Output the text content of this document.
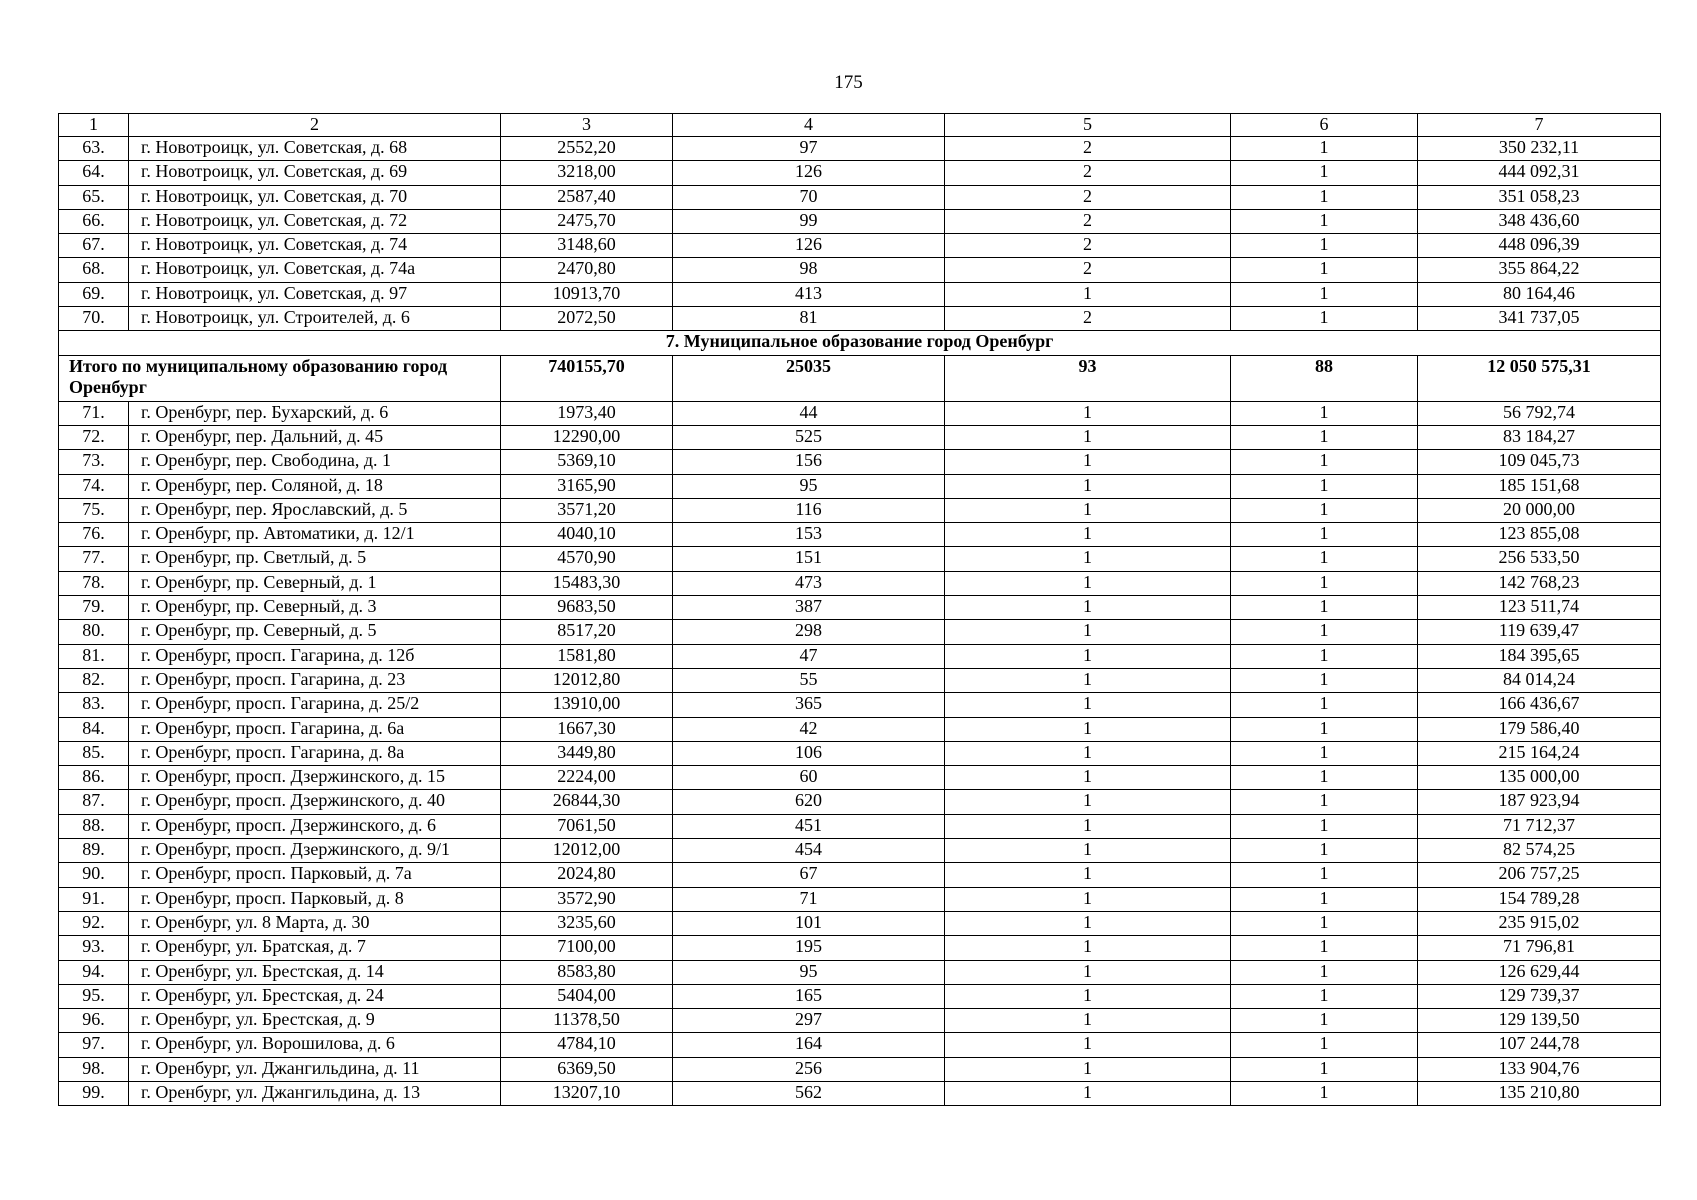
175
1	2	3	4	5	6	7
63.	г. Новотроицк, ул. Советская, д. 68	2552,20	97	2	1	350 232,11
64.	г. Новотроицк, ул. Советская, д. 69	3218,00	126	2	1	444 092,31
65.	г. Новотроицк, ул. Советская, д. 70	2587,40	70	2	1	351 058,23
66.	г. Новотроицк, ул. Советская, д. 72	2475,70	99	2	1	348 436,60
67.	г. Новотроицк, ул. Советская, д. 74	3148,60	126	2	1	448 096,39
68.	г. Новотроицк, ул. Советская, д. 74а	2470,80	98	2	1	355 864,22
69.	г. Новотроицк, ул. Советская, д. 97	10913,70	413	1	1	80 164,46
70.	г. Новотроицк, ул. Строителей, д. 6	2072,50	81	2	1	341 737,05
7. Муниципальное образование город Оренбург						
Итого по муниципальному образованию город Оренбург		740155,70	25035	93	88	12 050 575,31
71.	г. Оренбург, пер. Бухарский, д. 6	1973,40	44	1	1	56 792,74
72.	г. Оренбург, пер. Дальний, д. 45	12290,00	525	1	1	83 184,27
73.	г. Оренбург, пер. Свободина, д. 1	5369,10	156	1	1	109 045,73
74.	г. Оренбург, пер. Соляной, д. 18	3165,90	95	1	1	185 151,68
75.	г. Оренбург, пер. Ярославский, д. 5	3571,20	116	1	1	20 000,00
76.	г. Оренбург, пр. Автоматики, д. 12/1	4040,10	153	1	1	123 855,08
77.	г. Оренбург, пр. Светлый, д. 5	4570,90	151	1	1	256 533,50
78.	г. Оренбург, пр. Северный, д. 1	15483,30	473	1	1	142 768,23
79.	г. Оренбург, пр. Северный, д. 3	9683,50	387	1	1	123 511,74
80.	г. Оренбург, пр. Северный, д. 5	8517,20	298	1	1	119 639,47
81.	г. Оренбург, просп. Гагарина, д. 12б	1581,80	47	1	1	184 395,65
82.	г. Оренбург, просп. Гагарина, д. 23	12012,80	55	1	1	84 014,24
83.	г. Оренбург, просп. Гагарина, д. 25/2	13910,00	365	1	1	166 436,67
84.	г. Оренбург, просп. Гагарина, д. 6а	1667,30	42	1	1	179 586,40
85.	г. Оренбург, просп. Гагарина, д. 8а	3449,80	106	1	1	215 164,24
86.	г. Оренбург, просп. Дзержинского, д. 15	2224,00	60	1	1	135 000,00
87.	г. Оренбург, просп. Дзержинского, д. 40	26844,30	620	1	1	187 923,94
88.	г. Оренбург, просп. Дзержинского, д. 6	7061,50	451	1	1	71 712,37
89.	г. Оренбург, просп. Дзержинского, д. 9/1	12012,00	454	1	1	82 574,25
90.	г. Оренбург, просп. Парковый, д. 7а	2024,80	67	1	1	206 757,25
91.	г. Оренбург, просп. Парковый, д. 8	3572,90	71	1	1	154 789,28
92.	г. Оренбург, ул. 8 Марта, д. 30	3235,60	101	1	1	235 915,02
93.	г. Оренбург, ул. Братская, д. 7	7100,00	195	1	1	71 796,81
94.	г. Оренбург, ул. Брестская, д. 14	8583,80	95	1	1	126 629,44
95.	г. Оренбург, ул. Брестская, д. 24	5404,00	165	1	1	129 739,37
96.	г. Оренбург, ул. Брестская, д. 9	11378,50	297	1	1	129 139,50
97.	г. Оренбург, ул. Ворошилова, д. 6	4784,10	164	1	1	107 244,78
98.	г. Оренбург, ул. Джангильдина, д. 11	6369,50	256	1	1	133 904,76
99.	г. Оренбург, ул. Джангильдина, д. 13	13207,10	562	1	1	135 210,80
